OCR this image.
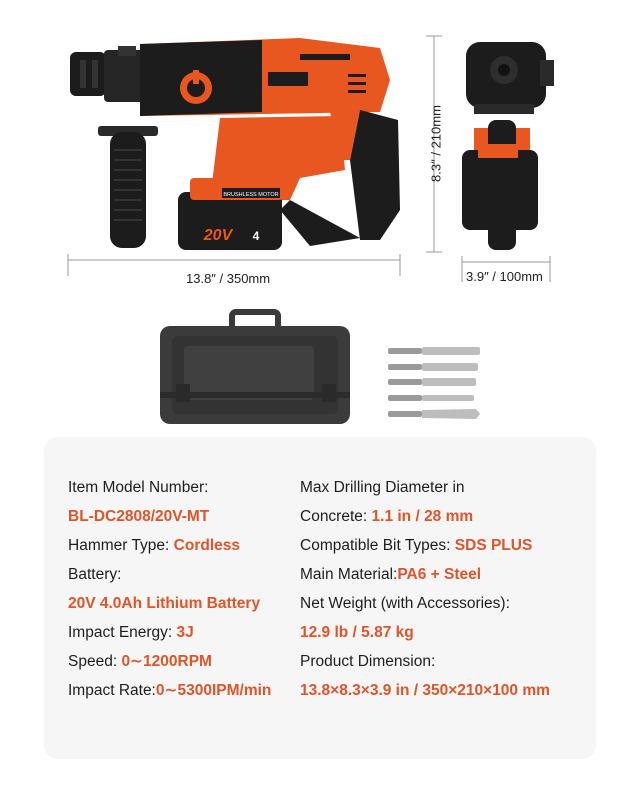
BRUSHLESS MOTOR
20V 4
13.8″ / 350mm
8.3″ / 210mm
3.9″ / 100mm
Item Model Number:
BL-DC2808/20V-MT
Hammer Type: Cordless
Battery:
20V 4.0Ah Lithium Battery
Impact Energy: 3J
Speed: 0∼1200RPM
Impact Rate:0∼5300IPM/min
Max Drilling Diameter in
Concrete: 1.1 in / 28 mm
Compatible Bit Types: SDS PLUS
Main Material:PA6 + Steel
Net Weight (with Accessories):
12.9 lb / 5.87 kg
Product Dimension:
13.8×8.3×3.9 in / 350×210×100 mm
